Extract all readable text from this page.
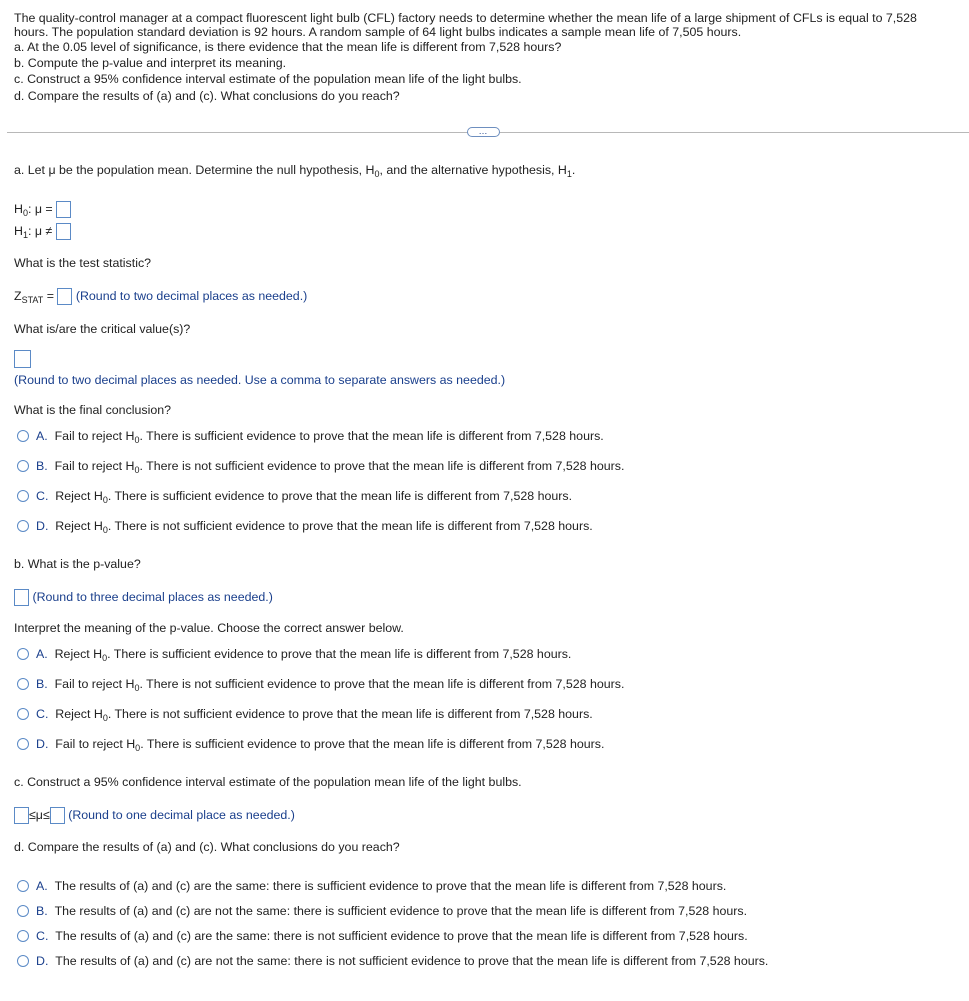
The quality-control manager at a compact fluorescent light bulb (CFL) factory needs to determine whether the mean life of a large shipment of CFLs is equal to 7,528
hours. The population standard deviation is 92 hours. A random sample of 64 light bulbs indicates a sample mean life of 7,505 hours.
a. At the 0.05 level of significance, is there evidence that the mean life is different from 7,528 hours?
b. Compute the p-value and interpret its meaning.
c. Construct a 95% confidence interval estimate of the population mean life of the light bulbs.
d. Compare the results of (a) and (c). What conclusions do you reach?
…
a. Let μ be the population mean. Determine the null hypothesis, $H_0$, and the alternative hypothesis, $H_1$.
$H_0$: μ =
$H_1$: μ ≠
What is the test statistic?
$Z_{STAT}$ = (Round to two decimal places as needed.)
What is/are the critical value(s)?
(Round to two decimal places as needed. Use a comma to separate answers as needed.)
What is the final conclusion?
A. Fail to reject $H_0$. There is sufficient evidence to prove that the mean life is different from 7,528 hours.
B. Fail to reject $H_0$. There is not sufficient evidence to prove that the mean life is different from 7,528 hours.
C. Reject $H_0$. There is sufficient evidence to prove that the mean life is different from 7,528 hours.
D. Reject $H_0$. There is not sufficient evidence to prove that the mean life is different from 7,528 hours.
b. What is the p-value?
(Round to three decimal places as needed.)
Interpret the meaning of the p-value. Choose the correct answer below.
A. Reject $H_0$. There is sufficient evidence to prove that the mean life is different from 7,528 hours.
B. Fail to reject $H_0$. There is not sufficient evidence to prove that the mean life is different from 7,528 hours.
C. Reject $H_0$. There is not sufficient evidence to prove that the mean life is different from 7,528 hours.
D. Fail to reject $H_0$. There is sufficient evidence to prove that the mean life is different from 7,528 hours.
c. Construct a 95% confidence interval estimate of the population mean life of the light bulbs.
≤μ≤ (Round to one decimal place as needed.)
d. Compare the results of (a) and (c). What conclusions do you reach?
A. The results of (a) and (c) are the same: there is sufficient evidence to prove that the mean life is different from 7,528 hours.
B. The results of (a) and (c) are not the same: there is sufficient evidence to prove that the mean life is different from 7,528 hours.
C. The results of (a) and (c) are the same: there is not sufficient evidence to prove that the mean life is different from 7,528 hours.
D. The results of (a) and (c) are not the same: there is not sufficient evidence to prove that the mean life is different from 7,528 hours.
